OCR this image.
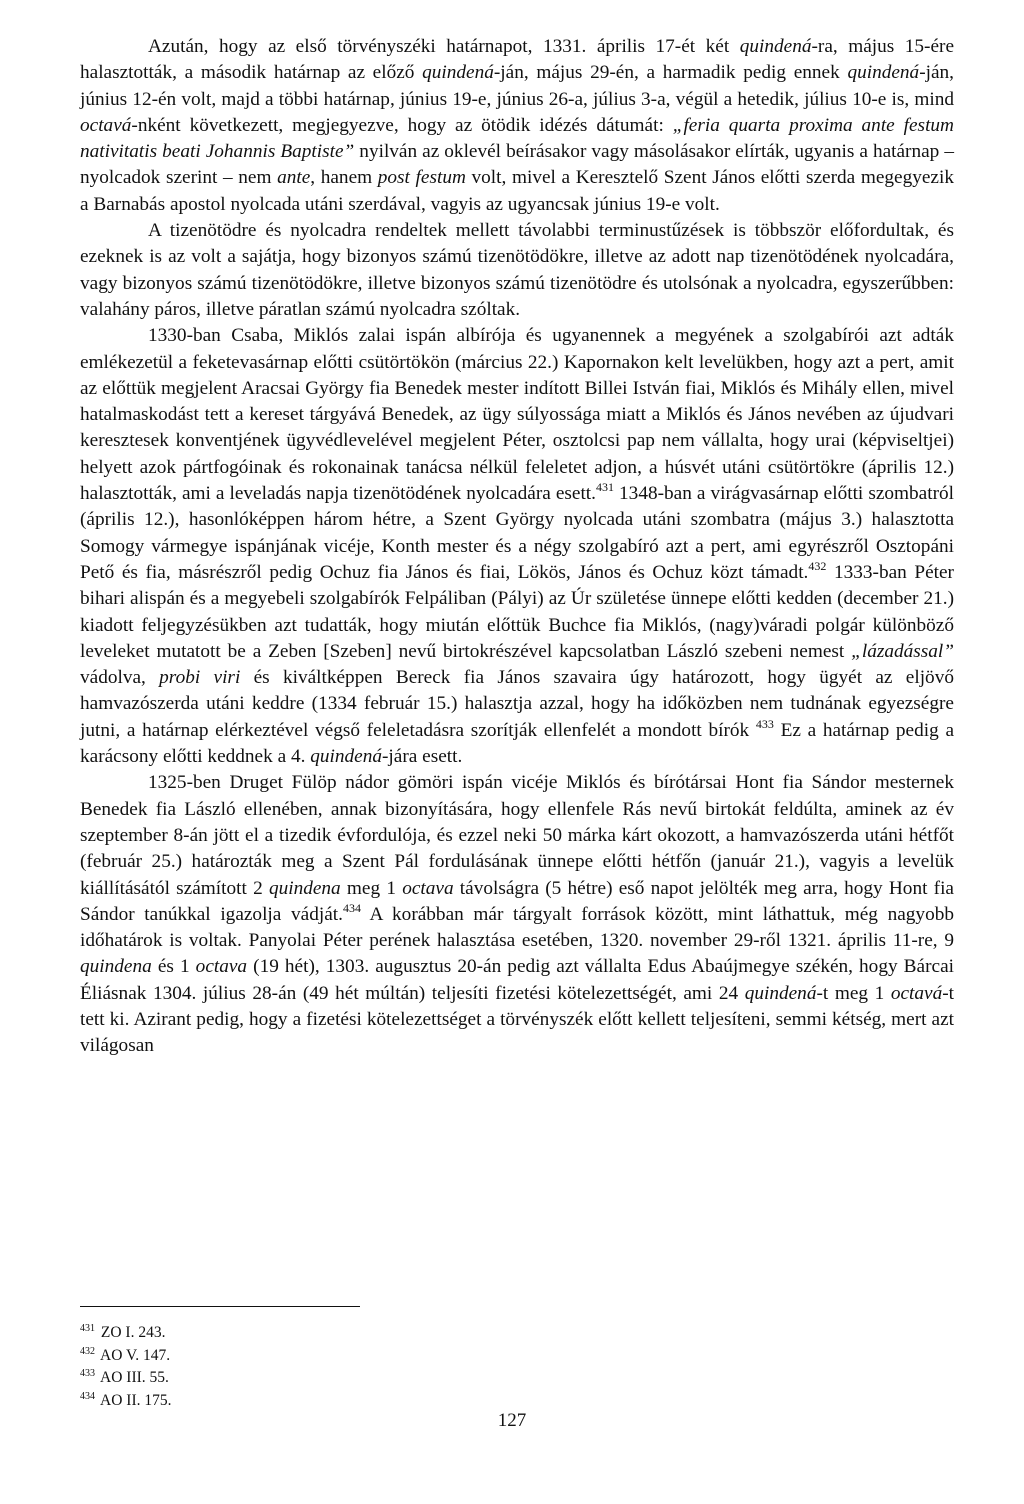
Azután, hogy az első törvényszéki határnapot, 1331. április 17-ét két quindená-ra, május 15-ére halasztották, a második határnap az előző quindená-ján, május 29-én, a harmadik pedig ennek quindená-ján, június 12-én volt, majd a többi határnap, június 19-e, június 26-a, július 3-a, végül a hetedik, július 10-e is, mind octavá-nként következett, megjegyezve, hogy az ötödik idézés dátumát: „feria quarta proxima ante festum nativitatis beati Johannis Baptiste” nyilván az oklevél beírásakor vagy másolásakor elírták, ugyanis a határnap – nyolcadok szerint – nem ante, hanem post festum volt, mivel a Keresztelő Szent János előtti szerda megegyezik a Barnabás apostol nyolcada utáni szerdával, vagyis az ugyancsak június 19-e volt.

A tizenötödre és nyolcadra rendeltek mellett távolabbi terminustűzések is többször előfordultak, és ezeknek is az volt a sajátja, hogy bizonyos számú tizenötödökre, illetve az adott nap tizenötödének nyolcadára, vagy bizonyos számú tizenötödökre, illetve bizonyos számú tizenötödre és utolsónak a nyolcadra, egyszerűbben: valahány páros, illetve páratlan számú nyolcadra szóltak.

1330-ban Csaba, Miklós zalai ispán albírója és ugyanennek a megyének a szolgabírói azt adták emlékezetül a feketevasárnap előtti csütörtökön (március 22.) Kapornakon kelt levelükben, hogy azt a pert, amit az előttük megjelent Aracsai György fia Benedek mester indított Billei István fiai, Miklós és Mihály ellen, mivel hatalmaskodást tett a kereset tárgyává Benedek, az ügy súlyossága miatt a Miklós és János nevében az újudvari keresztesek konventjének ügyvédlevelével megjelent Péter, osztolcsi pap nem vállalta, hogy urai (képviseltjei) helyett azok pártfogóinak és rokonainak tanácsa nélkül feleletet adjon, a húsvét utáni csütörtökre (április 12.) halasztották, ami a leveladás napja tizenötödének nyolcadára esett.$^{431}$ 1348-ban a virágvasárnap előtti szombatról (április 12.), hasonlóképpen három hétre, a Szent György nyolcada utáni szombatra (május 3.) halasztotta Somogy vármegye ispánjának vicéje, Konth mester és a négy szolgabíró azt a pert, ami egyrészről Osztopáni Pető és fia, másrészről pedig Ochuz fia János és fiai, Lökös, János és Ochuz közt támadt.$^{432}$ 1333-ban Péter bihari alispán és a megyebeli szolgabírók Felpáliban (Pályi) az Úr születése ünnepe előtti kedden (december 21.) kiadott feljegyzésükben azt tudatták, hogy miután előttük Buchce fia Miklós, (nagy)váradi polgár különböző leveleket mutatott be a Zeben [Szeben] nevű birtokrészével kapcsolatban László szebeni nemest „lázadással” vádolva, probi viri és kiváltképpen Bereck fia János szavaira úgy határozott, hogy ügyét az eljövő hamvazószerda utáni keddre (1334 február 15.) halasztja azzal, hogy ha időközben nem tudnának egyezségre jutni, a határnap elérkeztével végső feleletadásra szorítják ellenfelét a mondott bírók $^{433}$ Ez a határnap pedig a karácsony előtti keddnek a 4. quindená-jára esett.

1325-ben Druget Fülöp nádor gömöri ispán vicéje Miklós és bírótársai Hont fia Sándor mesternek Benedek fia László ellenében, annak bizonyítására, hogy ellenfele Rás nevű birtokát feldúlta, aminek az év szeptember 8-án jött el a tizedik évfordulója, és ezzel neki 50 márka kárt okozott, a hamvazószerda utáni hétfőt (február 25.) határozták meg a Szent Pál fordulásának ünnepe előtti hétfőn (január 21.), vagyis a levelük kiállításától számított 2 quindena meg 1 octava távolságra (5 hétre) eső napot jelölték meg arra, hogy Hont fia Sándor tanúkkal igazolja vádját.$^{434}$ A korábban már tárgyalt források között, mint láthattuk, még nagyobb időhatárok is voltak. Panyolai Péter perének halasztása esetében, 1320. november 29-ről 1321. április 11-re, 9 quindena és 1 octava (19 hét), 1303. augusztus 20-án pedig azt vállalta Edus Abaújmegye székén, hogy Bárcai Éliásnak 1304. július 28-án (49 hét múltán) teljesíti fizetési kötelezettségét, ami 24 quindená-t meg 1 octavá-t tett ki. Azirant pedig, hogy a fizetési kötelezettséget a törvényszék előtt kellett teljesíteni, semmi kétség, mert azt világosan

$^{431}$ ZO I. 243.
$^{432}$ AO V. 147.
$^{433}$ AO III. 55.
$^{434}$ AO II. 175.
127
